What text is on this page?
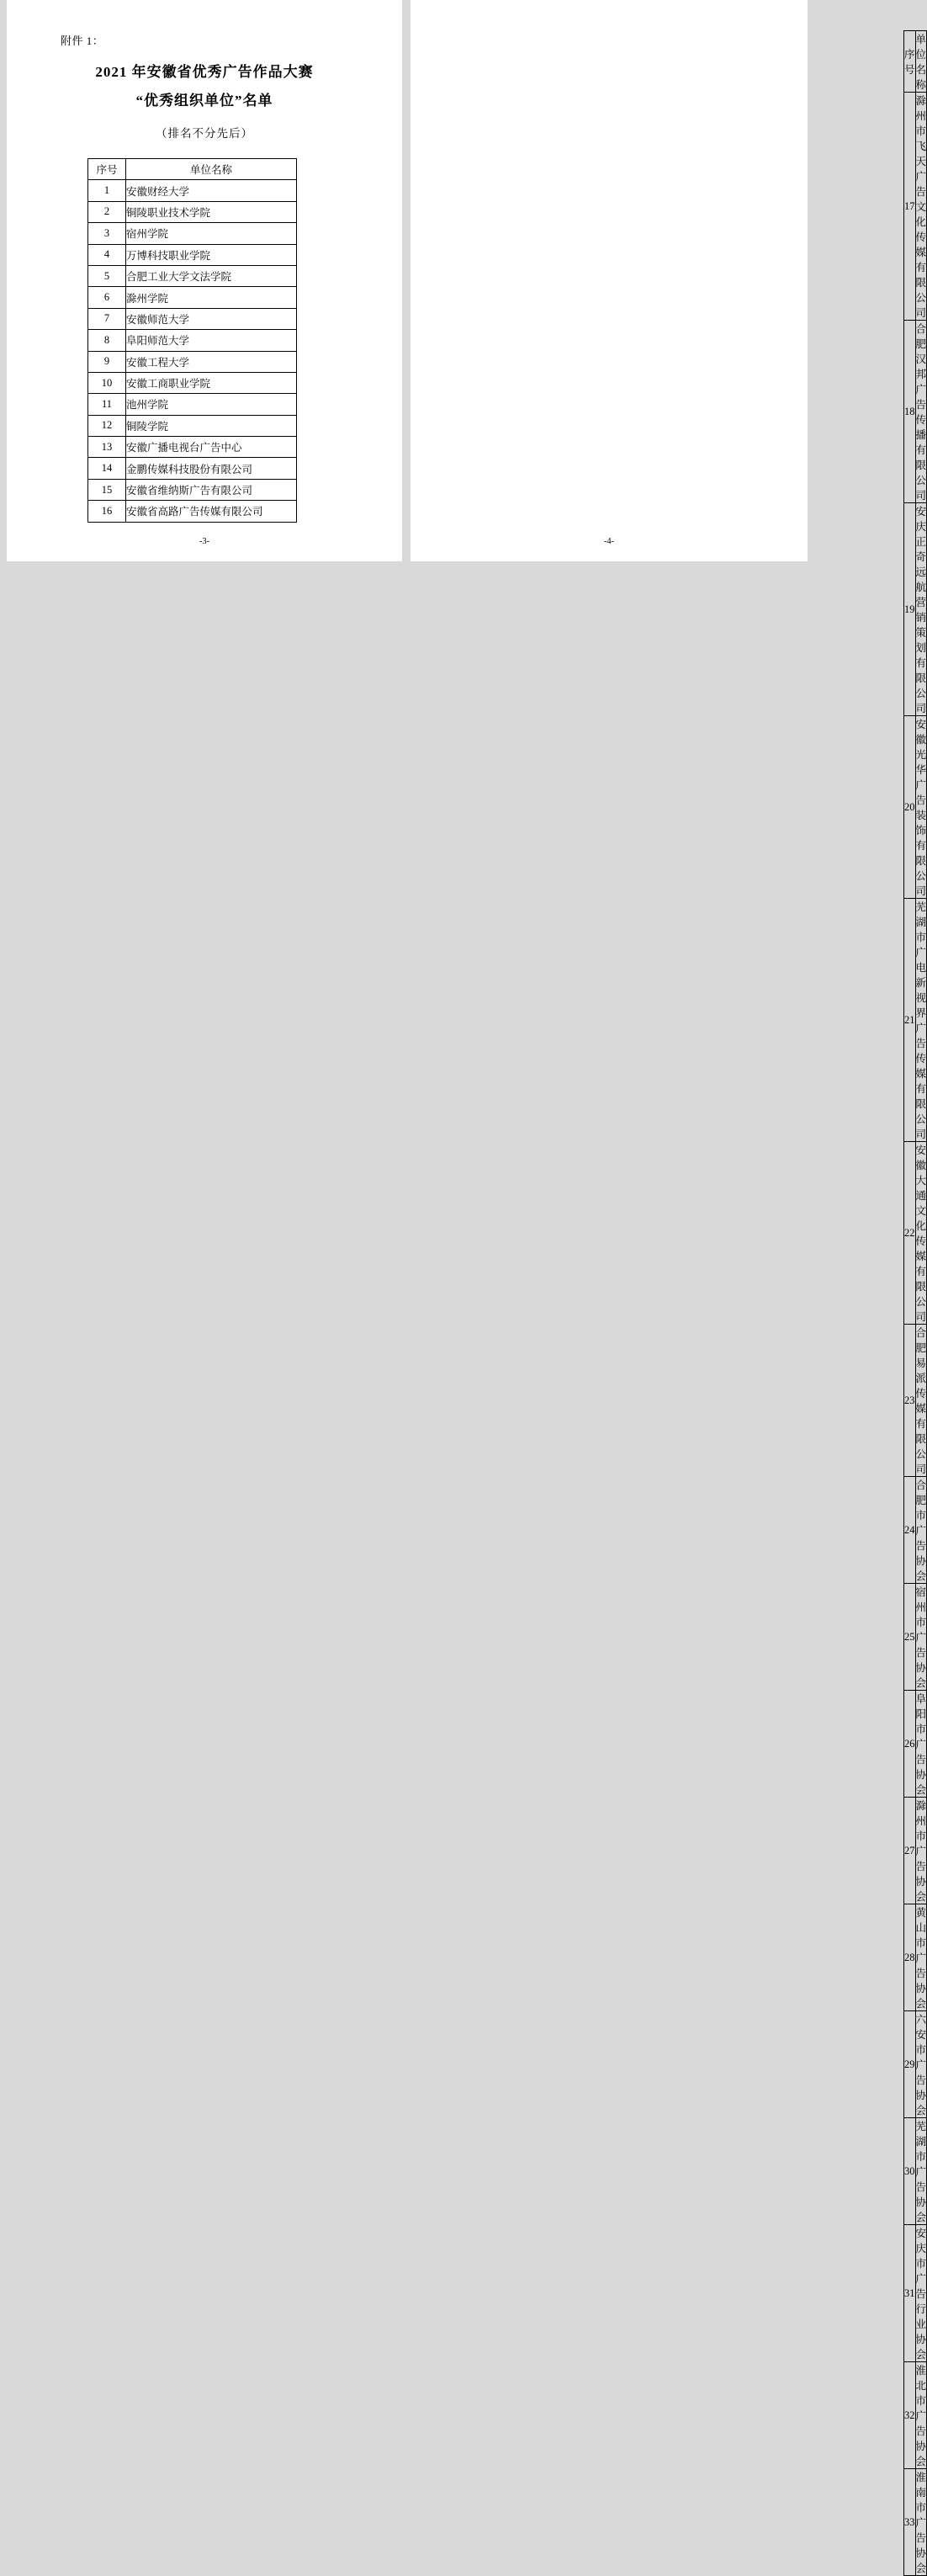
附件 1：
2021 年安徽省优秀广告作品大赛
“优秀组织单位”名单
（排名不分先后）
序号	单位名称
1	安徽财经大学
2	铜陵职业技术学院
3	宿州学院
4	万博科技职业学院
5	合肥工业大学文法学院
6	滁州学院
7	安徽师范大学
8	阜阳师范大学
9	安徽工程大学
10	安徽工商职业学院
11	池州学院
12	铜陵学院
13	安徽广播电视台广告中心
14	金鹏传媒科技股份有限公司
15	安徽省维纳斯广告有限公司
16	安徽省高路广告传媒有限公司
-3-
序号	单位名称
17	滁州市飞天广告文化传媒有限公司
18	合肥汉邦广告传播有限公司
19	安庆正奇远航营销策划有限公司
20	安徽光华广告装饰有限公司
21	芜湖市广电新视界广告传媒有限公司
22	安徽大通文化传媒有限公司
23	合肥易派传媒有限公司
24	合肥市广告协会
25	宿州市广告协会
26	阜阳市广告协会
27	滁州市广告协会
28	黄山市广告协会
29	六安市广告协会
30	芜湖市广告协会
31	安庆市广告行业协会
32	淮北市广告协会
33	淮南市广告协会
-4-
